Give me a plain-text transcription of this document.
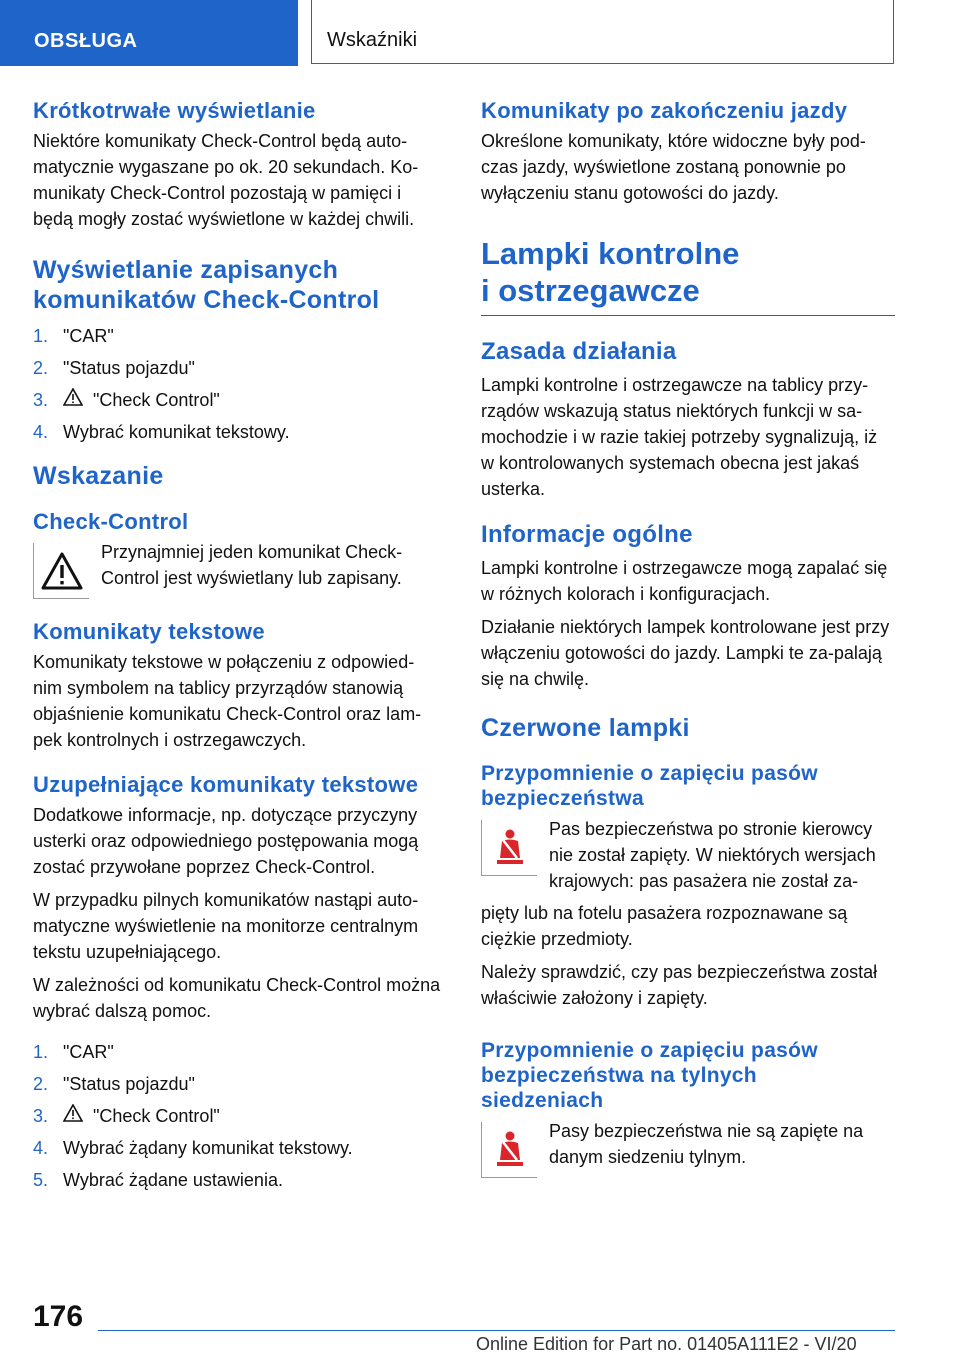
OBSŁUGA	Wskaźniki
Krótkotrwałe wyświetlanie

Niektóre komunikaty Check-Control będą auto-matycznie wygaszane po ok. 20 sekundach. Ko-munikaty Check-Control pozostają w pamięci i będą mogły zostać wyświetlone w każdej chwili.

Wyświetlanie zapisanych
komunikatów Check-Control
1. "CAR"
2. "Status pojazdu"
3.	"Check Control"
4. Wybrać komunikat tekstowy.
Wskazanie
Check-Control

Przynajmniej jeden komunikat Check-Control jest wyświetlany lub zapisany.

Komunikaty tekstowe

Komunikaty tekstowe w połączeniu z odpowied-nim symbolem na tablicy przyrządów stanowią objaśnienie komunikatu Check-Control oraz lam-pek kontrolnych i ostrzegawczych.

Uzupełniające komunikaty tekstowe

Dodatkowe informacje, np. dotyczące przyczyny usterki oraz odpowiedniego postępowania mogą zostać przywołane poprzez Check-Control.

W przypadku pilnych komunikatów nastąpi auto-matyczne wyświetlenie na monitorze centralnym tekstu uzupełniającego.

W zależności od komunikatu Check-Control można wybrać dalszą pomoc.

1. "CAR"
2. "Status pojazdu"
3.	"Check Control"
4. Wybrać żądany komunikat tekstowy.
5. Wybrać żądane ustawienia.
Komunikaty po zakończeniu jazdy

Określone komunikaty, które widoczne były pod-czas jazdy, wyświetlone zostaną ponownie po wyłączeniu stanu gotowości do jazdy.

Lampki kontrolne
i ostrzegawcze
Zasada działania

Lampki kontrolne i ostrzegawcze na tablicy przy-rządów wskazują status niektórych funkcji w sa-mochodzie i w razie takiej potrzeby sygnalizują, iż w kontrolowanych systemach obecna jest jakaś usterka.

Informacje ogólne

Lampki kontrolne i ostrzegawcze mogą zapalać się w różnych kolorach i konfiguracjach.

Działanie niektórych lampek kontrolowane jest przy włączeniu gotowości do jazdy. Lampki te za-palają się na chwilę.

Czerwone lampki
Przypomnienie o zapięciu pasów
bezpieczeństwa

Pas bezpieczeństwa po stronie kierowcy nie został zapięty. W niektórych wersjach krajowych: pas pasażera nie został za-

pięty lub na fotelu pasażera rozpoznawane są ciężkie przedmioty.

Należy sprawdzić, czy pas bezpieczeństwa został właściwie założony i zapięty.

Przypomnienie o zapięciu pasów
bezpieczeństwa na tylnych
siedzeniach

Pasy bezpieczeństwa nie są zapięte na danym siedzeniu tylnym.

176
Online Edition for Part no. 01405A111E2 - VI/20
